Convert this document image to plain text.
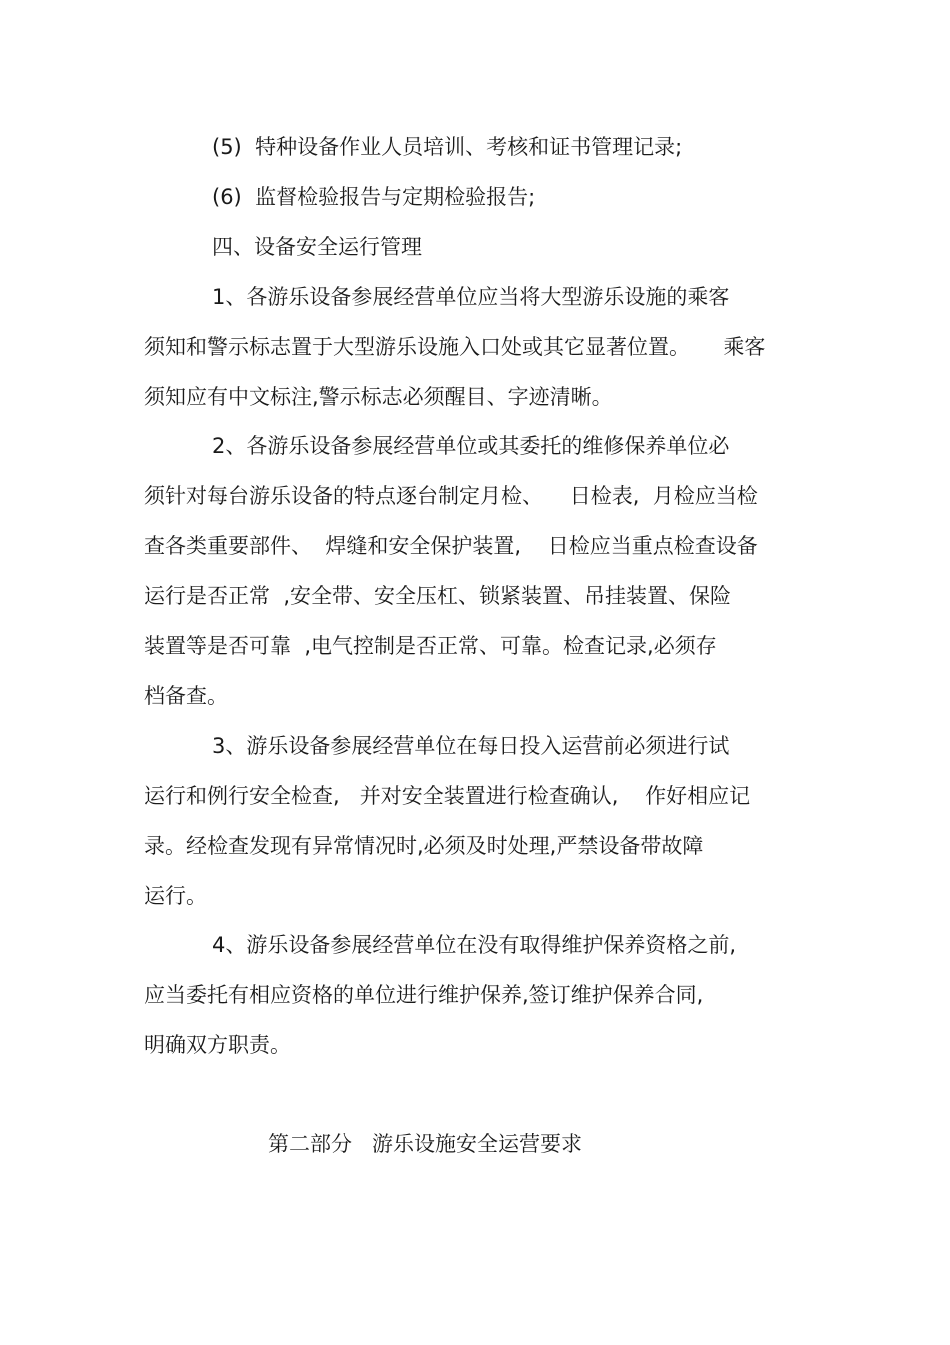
(5)  特种设备作业人员培训、考核和证书管理记录;

(6)  监督检验报告与定期检验报告;

四、设备安全运行管理

1、各游乐设备参展经营单位应当将大型游乐设施的乘客

须知和警示标志置于大型游乐设施入口处或其它显著位置。     乘客

须知应有中文标注,警示标志必须醒目、字迹清晰。

2、各游乐设备参展经营单位或其委托的维修保养单位必

须针对每台游乐设备的特点逐台制定月检、    日检表,  月检应当检

查各类重要部件、  焊缝和安全保护装置,    日检应当重点检查设备

运行是否正常  ,安全带、安全压杠、锁紧装置、吊挂装置、保险

装置等是否可靠  ,电气控制是否正常、可靠。检查记录,必须存

档备查。

3、游乐设备参展经营单位在每日投入运营前必须进行试

运行和例行安全检查,   并对安全装置进行检查确认,    作好相应记

录。经检查发现有异常情况时,必须及时处理,严禁设备带故障

运行。

4、游乐设备参展经营单位在没有取得维护保养资格之前,

应当委托有相应资格的单位进行维护保养,签订维护保养合同,

明确双方职责。

第二部分   游乐设施安全运营要求
